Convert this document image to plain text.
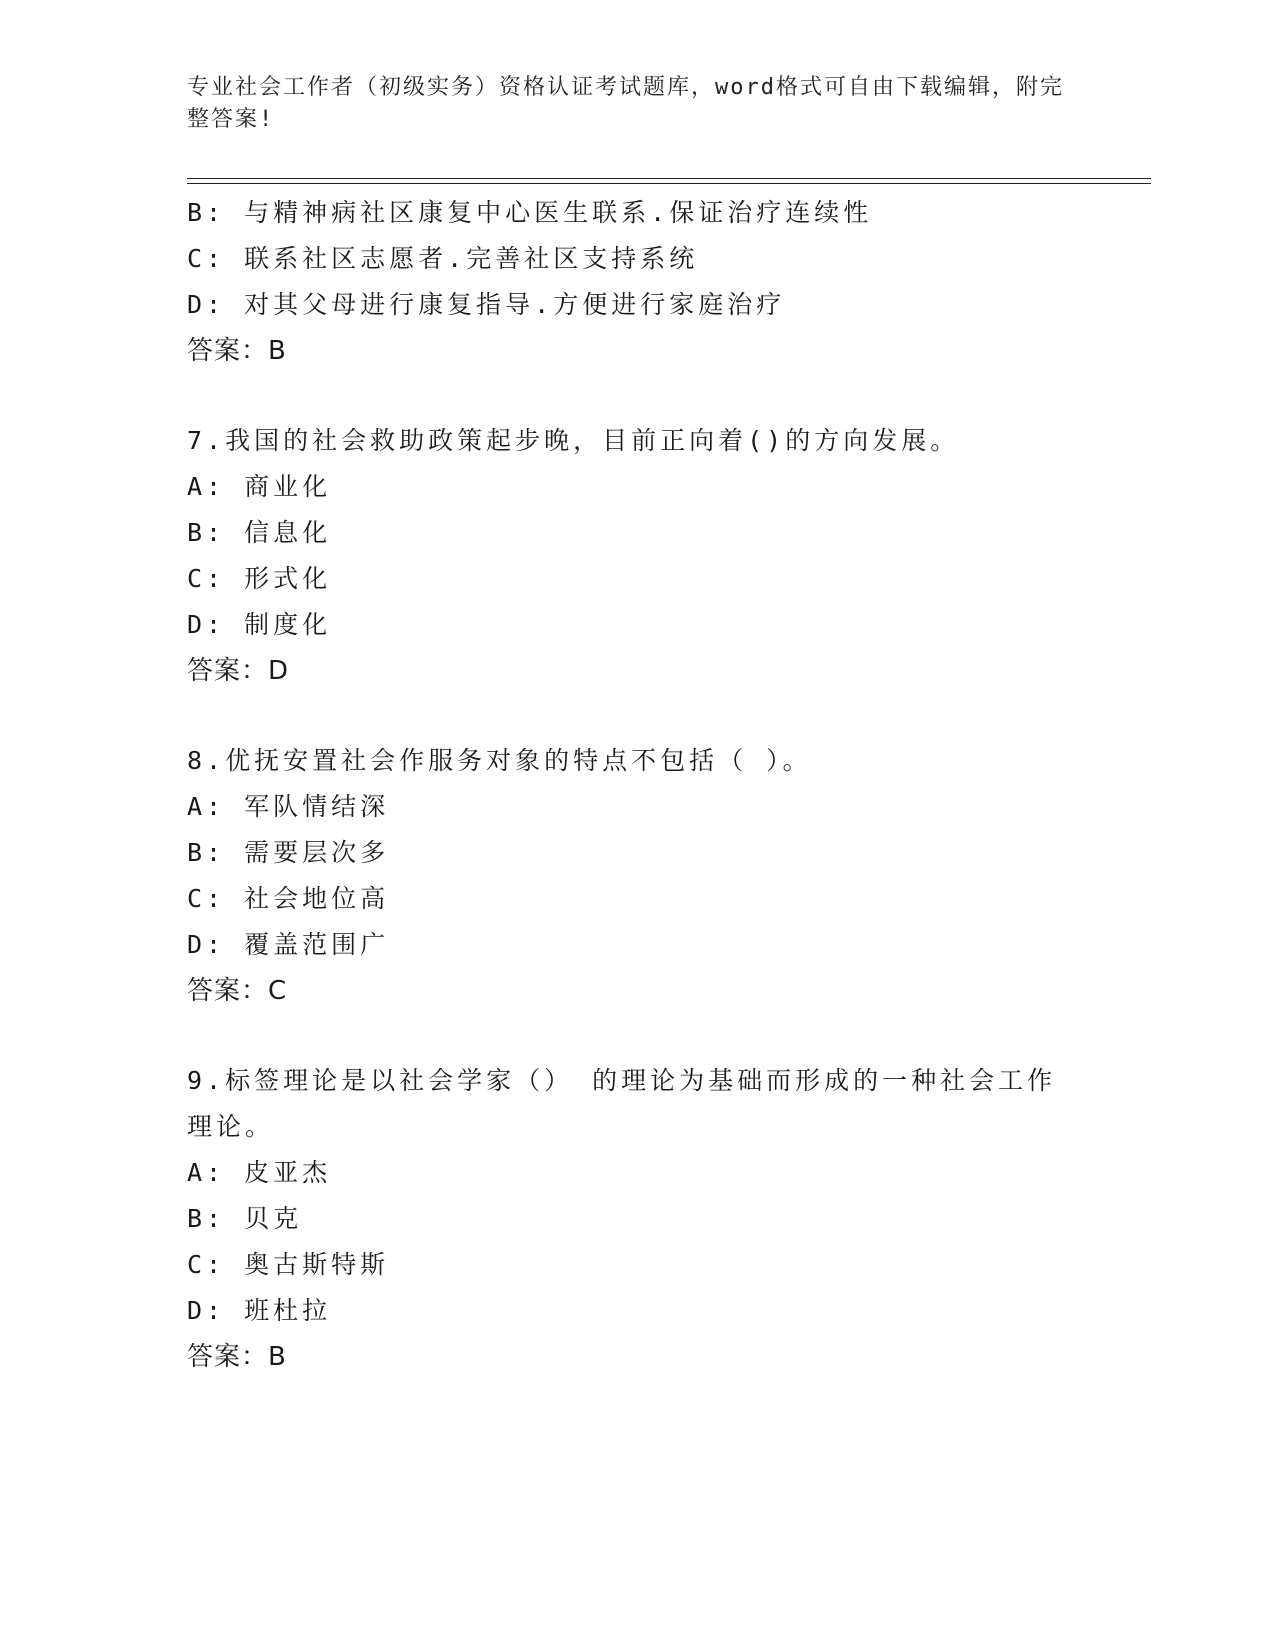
专业社会工作者（初级实务）资格认证考试题库，word格式可自由下载编辑，附完整答案!
B: 与精神病社区康复中心医生联系.保证治疗连续性
C: 联系社区志愿者.完善社区支持系统
D: 对其父母进行康复指导.方便进行家庭治疗
答案：B
7.我国的社会救助政策起步晚，目前正向着()的方向发展。
A: 商业化
B: 信息化
C: 形式化
D: 制度化
答案：D
8.优抚安置社会作服务对象的特点不包括（ ）。
A: 军队情结深
B: 需要层次多
C: 社会地位高
D: 覆盖范围广
答案：C
9.标签理论是以社会学家（） 的理论为基础而形成的一种社会工作理论。
A: 皮亚杰
B: 贝克
C: 奥古斯特斯
D: 班杜拉
答案：B
